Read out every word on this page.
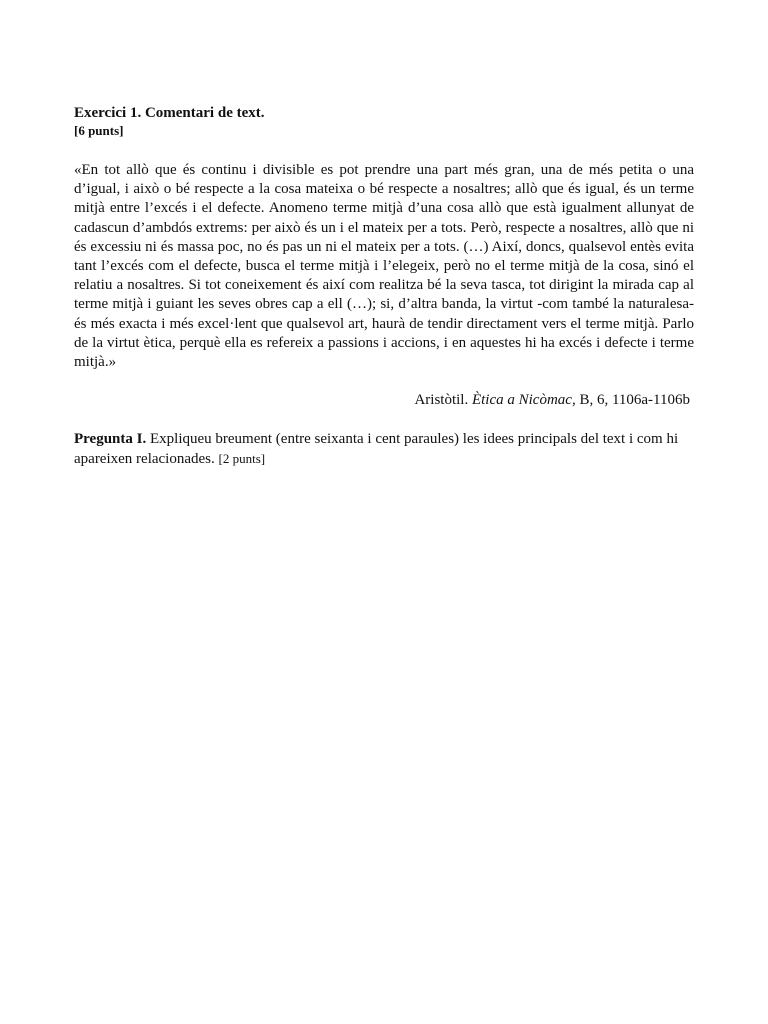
Exercici 1. Comentari de text.

[6 punts]

«En tot allò que és continu i divisible es pot prendre una part més gran, una de més petita o una d’igual, i això o bé respecte a la cosa mateixa o bé respecte a nosaltres; allò que és igual, és un terme mitjà entre l’excés i el defecte. Anomeno terme mitjà d’una cosa allò que està igualment allunyat de cadascun d’ambdós extrems: per això és un i el mateix per a tots. Però, respecte a nosaltres, allò que ni és excessiu ni és massa poc, no és pas un ni el mateix per a tots. (…) Així, doncs, qualsevol entès evita tant l’excés com el defecte, busca el terme mitjà i l’elegeix, però no el terme mitjà de la cosa, sinó el relatiu a nosaltres. Si tot coneixement és així com realitza bé la seva tasca, tot dirigint la mirada cap al terme mitjà i guiant les seves obres cap a ell (…); si, d’altra banda, la virtut -com també la naturalesa- és més exacta i més excel·lent que qualsevol art, haurà de tendir directament vers el terme mitjà. Parlo de la virtut ètica, perquè ella es refereix a passions i accions, i en aquestes hi ha excés i defecte i terme mitjà.»
Aristòtil. Ètica a Nicòmac, B, 6, 1106a-1106b
Pregunta I. Expliqueu breument (entre seixanta i cent paraules) les idees principals del text i com hi apareixen relacionades. [2 punts]
